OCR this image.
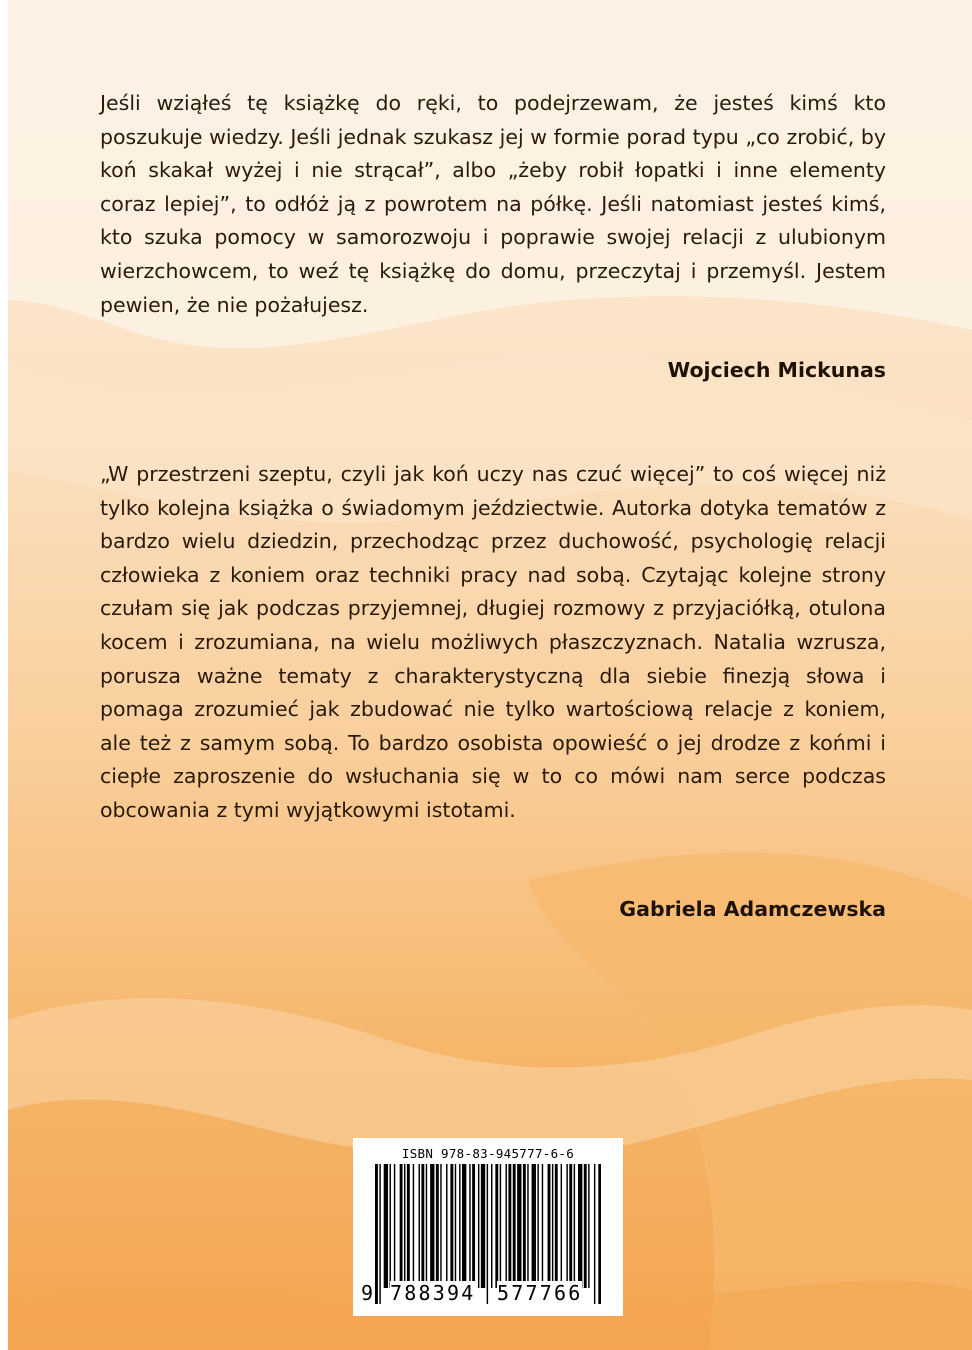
Jeśli wziąłeś tę książkę do ręki, to podejrzewam, że jesteś kimś kto poszukuje wiedzy. Jeśli jednak szukasz jej w formie porad typu „co zrobić, by koń skakał wyżej i nie strącał”, albo „żeby robił łopatki i inne elementy coraz lepiej”, to odłóż ją z powrotem na półkę. Jeśli natomiast jesteś kimś, kto szuka pomocy w samorozwoju i poprawie swojej relacji z ulubionym wierzchowcem, to weź tę książkę do domu, przeczytaj i przemyśl. Jestem pewien, że nie pożałujesz.

Wojciech Mickunas

„W przestrzeni szeptu, czyli jak koń uczy nas czuć więcej” to coś więcej niż tylko kolejna książka o świadomym jeździectwie. Autorka dotyka tematów z bardzo wielu dziedzin, przechodząc przez duchowość, psychologię relacji człowieka z koniem oraz techniki pracy nad sobą. Czytając kolejne strony czułam się jak podczas przyjemnej, długiej rozmowy z przyjaciółką, otulona kocem i zrozumiana, na wielu możliwych płaszczyznach. Natalia wzrusza, porusza ważne tematy z charakterystyczną dla siebie finezją słowa i pomaga zrozumieć jak zbudować nie tylko wartościową relacje z koniem, ale też z samym sobą. To bardzo osobista opowieść o jej drodze z końmi i ciepłe zaproszenie do wsłuchania się w to co mówi nam serce podczas obcowania z tymi wyjątkowymi istotami.

Gabriela Adamczewska

ISBN 978-83-945777-6-6
9 788394 577766
